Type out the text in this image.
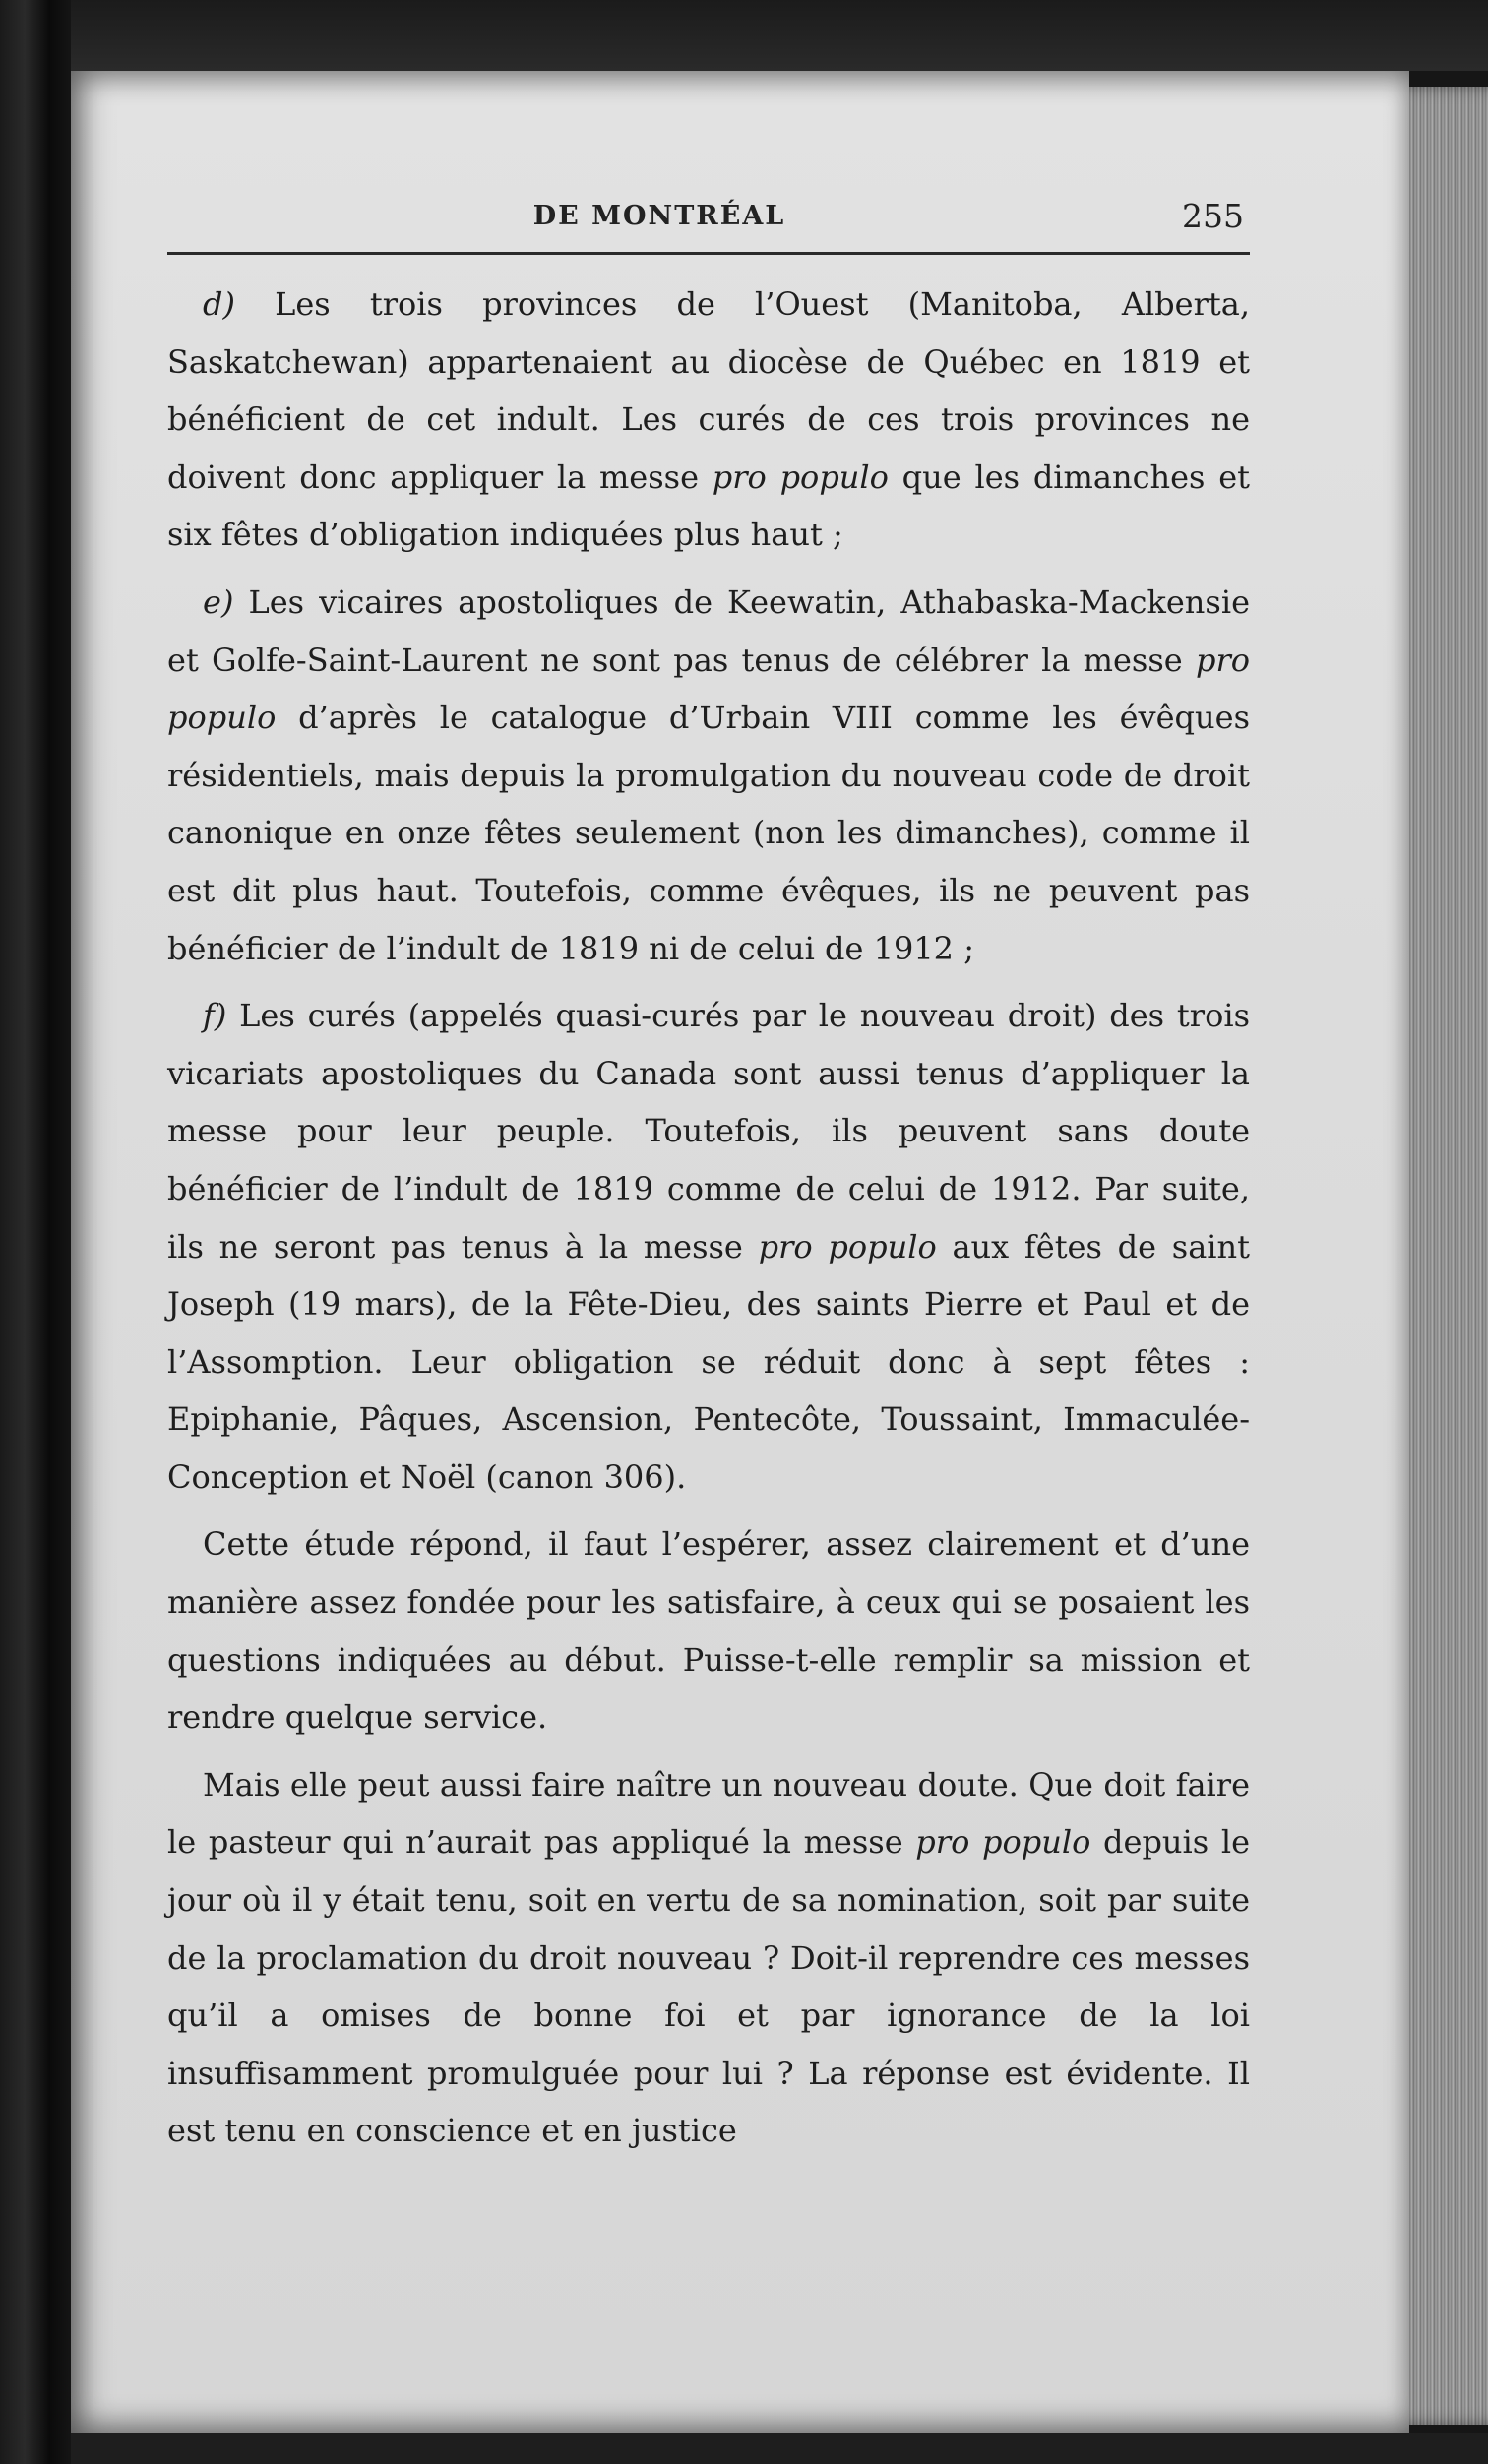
DE MONTRÉAL	255

d) Les trois provinces de l’Ouest (Manitoba, Alberta, Saskatchewan) appartenaient au diocèse de Québec en 1819 et bénéficient de cet indult. Les curés de ces trois provinces ne doivent donc appliquer la messe pro populo que les dimanches et six fêtes d’obligation indiquées plus haut ;

e) Les vicaires apostoliques de Keewatin, Athabaska-Mackensie et Golfe-Saint-Laurent ne sont pas tenus de célébrer la messe pro populo d’après le catalogue d’Urbain VIII comme les évêques résidentiels, mais depuis la promulgation du nouveau code de droit canonique en onze fêtes seulement (non les dimanches), comme il est dit plus haut. Toutefois, comme évêques, ils ne peuvent pas bénéficier de l’indult de 1819 ni de celui de 1912 ;

f) Les curés (appelés quasi-curés par le nouveau droit) des trois vicariats apostoliques du Canada sont aussi tenus d’appliquer la messe pour leur peuple. Toutefois, ils peuvent sans doute bénéficier de l’indult de 1819 comme de celui de 1912. Par suite, ils ne seront pas tenus à la messe pro populo aux fêtes de saint Joseph (19 mars), de la Fête-Dieu, des saints Pierre et Paul et de l’Assomption. Leur obligation se réduit donc à sept fêtes : Epiphanie, Pâques, Ascension, Pentecôte, Toussaint, Immaculée-Conception et Noël (canon 306).

Cette étude répond, il faut l’espérer, assez clairement et d’une manière assez fondée pour les satisfaire, à ceux qui se posaient les questions indiquées au début. Puisse-t-elle remplir sa mission et rendre quelque service.

Mais elle peut aussi faire naître un nouveau doute. Que doit faire le pasteur qui n’aurait pas appliqué la messe pro populo depuis le jour où il y était tenu, soit en vertu de sa nomination, soit par suite de la proclamation du droit nouveau ? Doit-il reprendre ces messes qu’il a omises de bonne foi et par ignorance de la loi insuffisamment promulguée pour lui ? La réponse est évidente. Il est tenu en conscience et en justice
